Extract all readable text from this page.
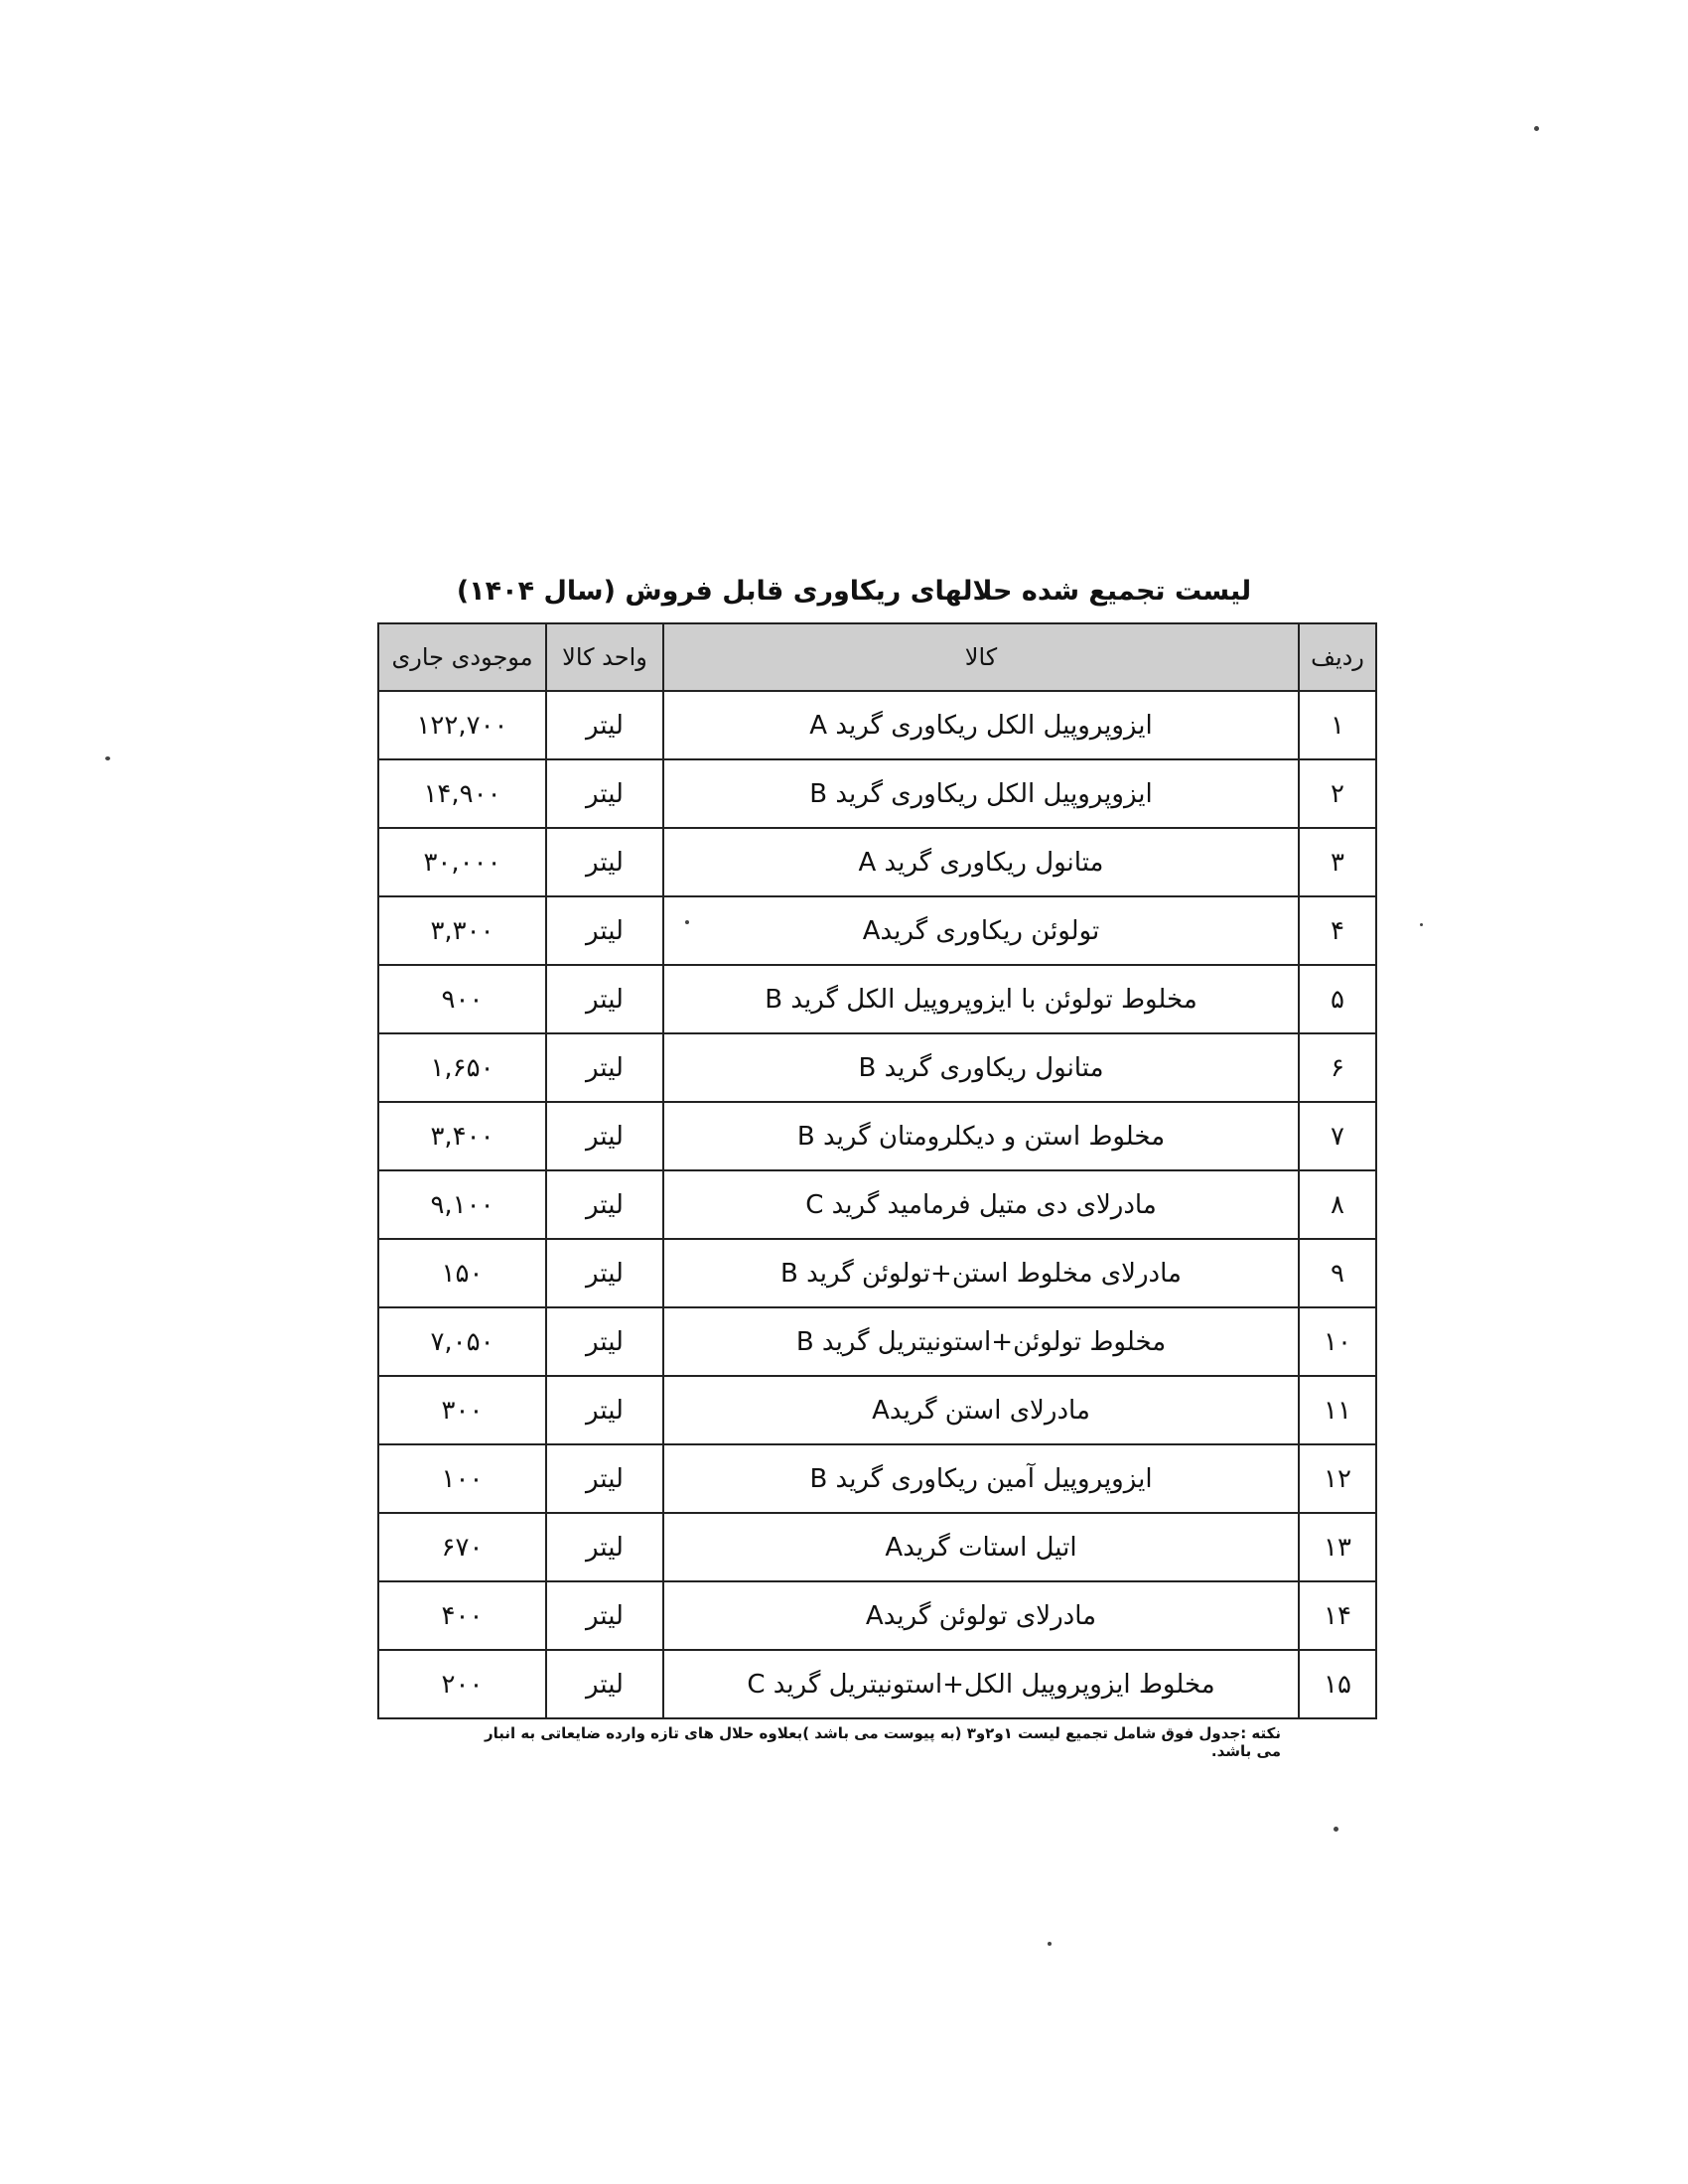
لیست تجمیع شده حلالهای ریکاوری قابل فروش (سال ۱۴۰۴)
ردیف	کالا	واحد کالا	موجودی جاری
۱	ایزوپروپیل الکل ریکاوری گرید A	لیتر	۱۲۲,۷۰۰
۲	ایزوپروپیل الکل ریکاوری گرید B	لیتر	۱۴,۹۰۰
۳	متانول ریکاوری گرید A	لیتر	۳۰,۰۰۰
۴	تولوئن ریکاوری گریدA	لیتر	۳,۳۰۰
۵	مخلوط تولوئن با ایزوپروپیل الکل گرید B	لیتر	۹۰۰
۶	متانول ریکاوری گرید B	لیتر	۱,۶۵۰
۷	مخلوط استن و دیکلرومتان گرید B	لیتر	۳,۴۰۰
۸	مادرلای دی متیل فرمامید گرید C	لیتر	۹,۱۰۰
۹	مادرلای مخلوط استن+تولوئن گرید B	لیتر	۱۵۰
۱۰	مخلوط تولوئن+استونیتریل گرید B	لیتر	۷,۰۵۰
۱۱	مادرلای استن گریدA	لیتر	۳۰۰
۱۲	ایزوپروپیل آمین ریکاوری گرید B	لیتر	۱۰۰
۱۳	اتیل استات گریدA	لیتر	۶۷۰
۱۴	مادرلای تولوئن گریدA	لیتر	۴۰۰
۱۵	مخلوط ایزوپروپیل الکل+استونیتریل گرید C	لیتر	۲۰۰
نکته :جدول فوق شامل تجمیع لیست ۱و۲و۳ (به پیوست می باشد )بعلاوه حلال های تازه وارده ضایعاتی به انبار می باشد.
